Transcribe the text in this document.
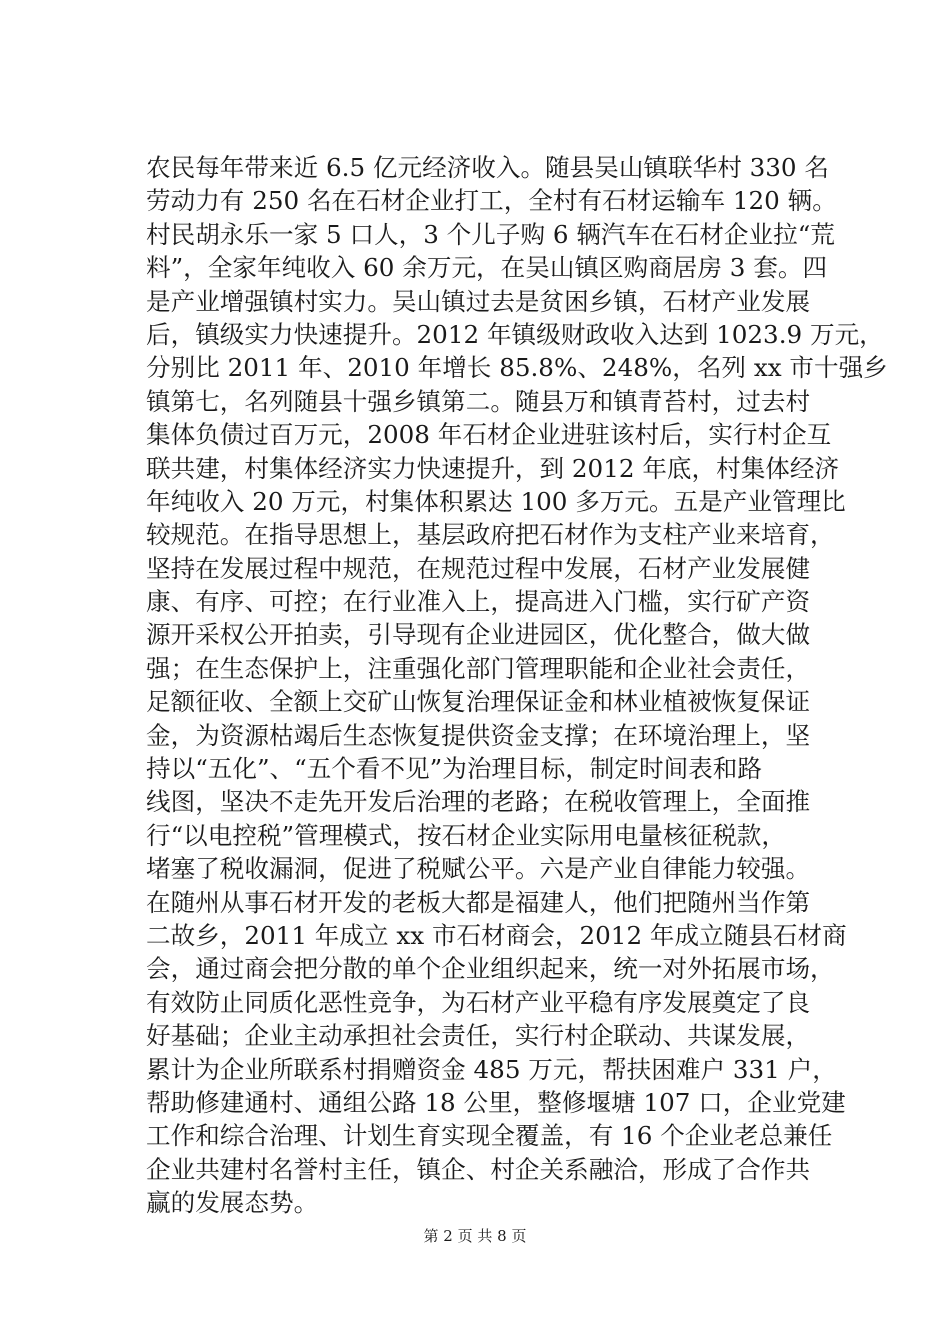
农民每年带来近 6.5 亿元经济收入。随县吴山镇联华村 330 名
劳动力有 250 名在石材企业打工，全村有石材运输车 120 辆。
村民胡永乐一家 5 口人，3 个儿子购 6 辆汽车在石材企业拉“荒
料”，全家年纯收入 60 余万元，在吴山镇区购商居房 3 套。四
是产业增强镇村实力。吴山镇过去是贫困乡镇，石材产业发展
后，镇级实力快速提升。2012 年镇级财政收入达到 1023.9 万元，
分别比 2011 年、2010 年增长 85.8%、248%，名列 xx 市十强乡
镇第七，名列随县十强乡镇第二。随县万和镇青苔村，过去村
集体负债过百万元，2008 年石材企业进驻该村后，实行村企互
联共建，村集体经济实力快速提升，到 2012 年底，村集体经济
年纯收入 20 万元，村集体积累达 100 多万元。五是产业管理比
较规范。在指导思想上，基层政府把石材作为支柱产业来培育，
坚持在发展过程中规范，在规范过程中发展，石材产业发展健
康、有序、可控；在行业准入上，提高进入门槛，实行矿产资
源开采权公开拍卖，引导现有企业进园区，优化整合，做大做
强；在生态保护上，注重强化部门管理职能和企业社会责任，
足额征收、全额上交矿山恢复治理保证金和林业植被恢复保证
金，为资源枯竭后生态恢复提供资金支撑；在环境治理上，坚
持以“五化”、“五个看不见”为治理目标，制定时间表和路
线图，坚决不走先开发后治理的老路；在税收管理上，全面推
行“以电控税”管理模式，按石材企业实际用电量核征税款，
堵塞了税收漏洞，促进了税赋公平。六是产业自律能力较强。
在随州从事石材开发的老板大都是福建人，他们把随州当作第
二故乡，2011 年成立 xx 市石材商会，2012 年成立随县石材商
会，通过商会把分散的单个企业组织起来，统一对外拓展市场，
有效防止同质化恶性竞争，为石材产业平稳有序发展奠定了良
好基础；企业主动承担社会责任，实行村企联动、共谋发展，
累计为企业所联系村捐赠资金 485 万元，帮扶困难户 331 户，
帮助修建通村、通组公路 18 公里，整修堰塘 107 口，企业党建
工作和综合治理、计划生育实现全覆盖，有 16 个企业老总兼任
企业共建村名誉村主任，镇企、村企关系融洽，形成了合作共
赢的发展态势。
第 2 页 共 8 页
